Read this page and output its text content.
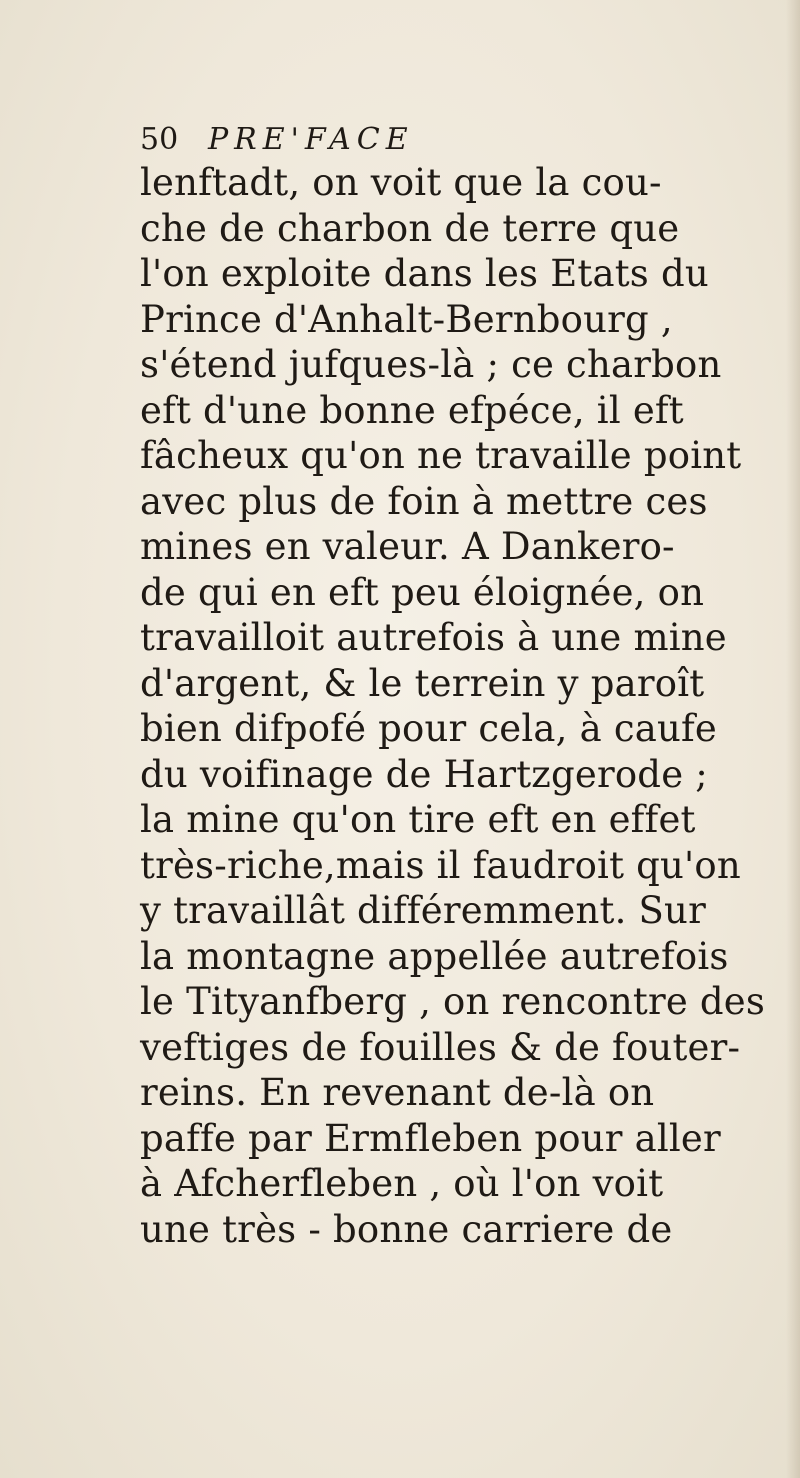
50 PRE'FACE
lenftadt, on voit que la cou-
che de charbon de terre que
l'on exploite dans les Etats du
Prince d'Anhalt-Bernbourg ,
s'étend jufques-là ; ce charbon
eft d'une bonne efpéce, il eft
fâcheux qu'on ne travaille point
avec plus de foin à mettre ces
mines en valeur. A Dankero-
de qui en eft peu éloignée, on
travailloit autrefois à une mine
d'argent, & le terrein y paroît
bien difpofé pour cela, à caufe
du voifinage de Hartzgerode ;
la mine qu'on tire eft en effet
très-riche,mais il faudroit qu'on
y travaillât différemment. Sur
la montagne appellée autrefois
le Tityanfberg , on rencontre des
veftiges de fouilles & de fouter-
reins. En revenant de-là on
paffe par Ermfleben pour aller
à Afcherfleben , où l'on voit
une très - bonne carriere de
